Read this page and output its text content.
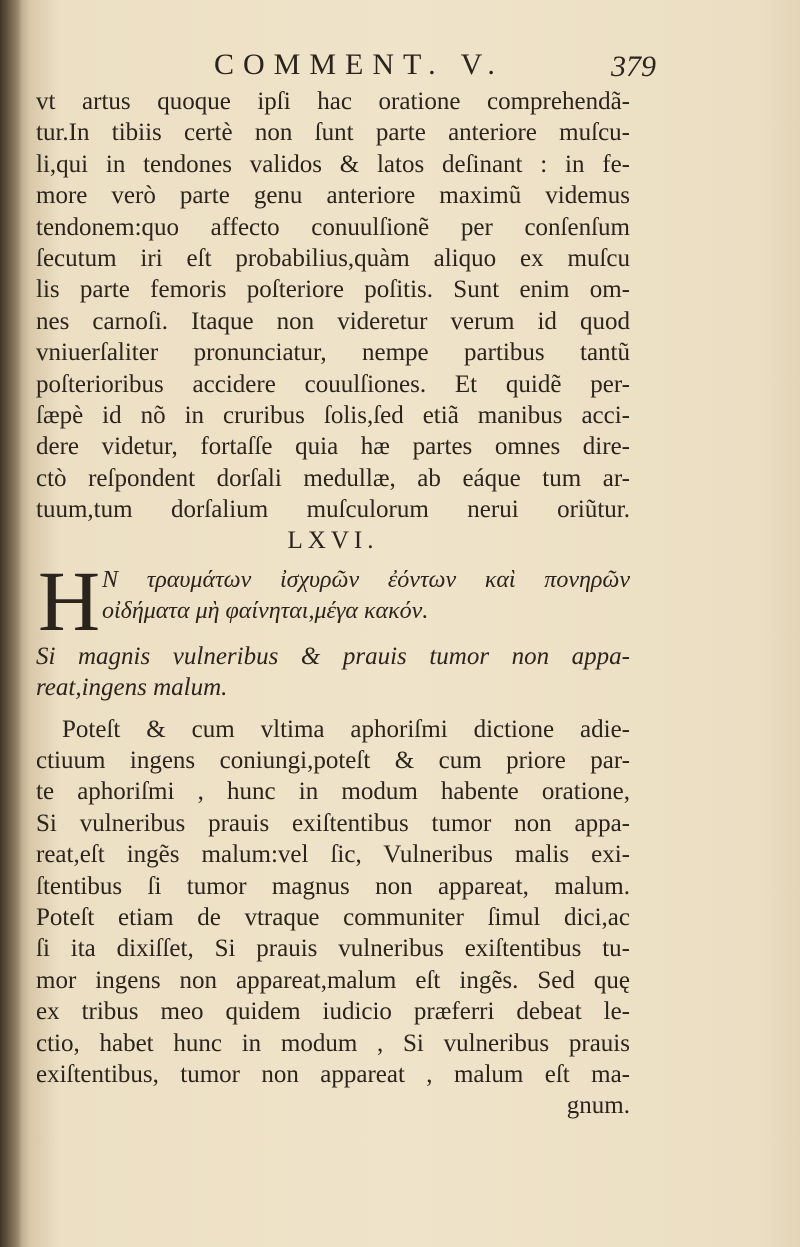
COMMENT. V.	379
vt artus quoque ipſi hac oratione comprehendã-
tur.In tibiis certè non ſunt parte anteriore muſcu-
li,qui in tendones validos & latos deſinant : in fe-
more verò parte genu anteriore maximũ videmus
tendonem:quo affecto conuulſionẽ per conſenſum
ſecutum iri eſt probabilius,quàm aliquo ex muſcu
lis parte femoris poſteriore poſitis. Sunt enim om-
nes carnoſi. Itaque non videretur verum id quod
vniuerſaliter pronunciatur, nempe partibus tantũ
poſterioribus accidere couulſiones. Et quidẽ per-
ſæpè id nõ in cruribus ſolis,ſed etiã manibus acci-
dere videtur, fortaſſe quia hæ partes omnes dire-
ctò reſpondent dorſali medullæ, ab eáque tum ar-
tuum,tum dorſalium muſculorum nerui oriũtur.
LXVI.
H Ν τραυμάτων ἰσχυρῶν ἐόντων καὶ πονηρῶν
οἰδήματα μὴ φαίνηται,μέγα κακόν.
Si magnis vulneribus & prauis tumor non appa-
reat,ingens malum.
Poteſt & cum vltima aphoriſmi dictione adie-
ctiuum ingens coniungi,poteſt & cum priore par-
te aphoriſmi , hunc in modum habente oratione,
Si vulneribus prauis exiſtentibus tumor non appa-
reat,eſt ingẽs malum:vel ſic, Vulneribus malis exi-
ſtentibus ſi tumor magnus non appareat, malum.
Poteſt etiam de vtraque communiter ſimul dici,ac
ſi ita dixiſſet, Si prauis vulneribus exiſtentibus tu-
mor ingens non appareat,malum eſt ingẽs. Sed quę
ex tribus meo quidem iudicio præferri debeat le-
ctio, habet hunc in modum , Si vulneribus prauis
exiſtentibus, tumor non appareat , malum eſt ma-
gnum.
